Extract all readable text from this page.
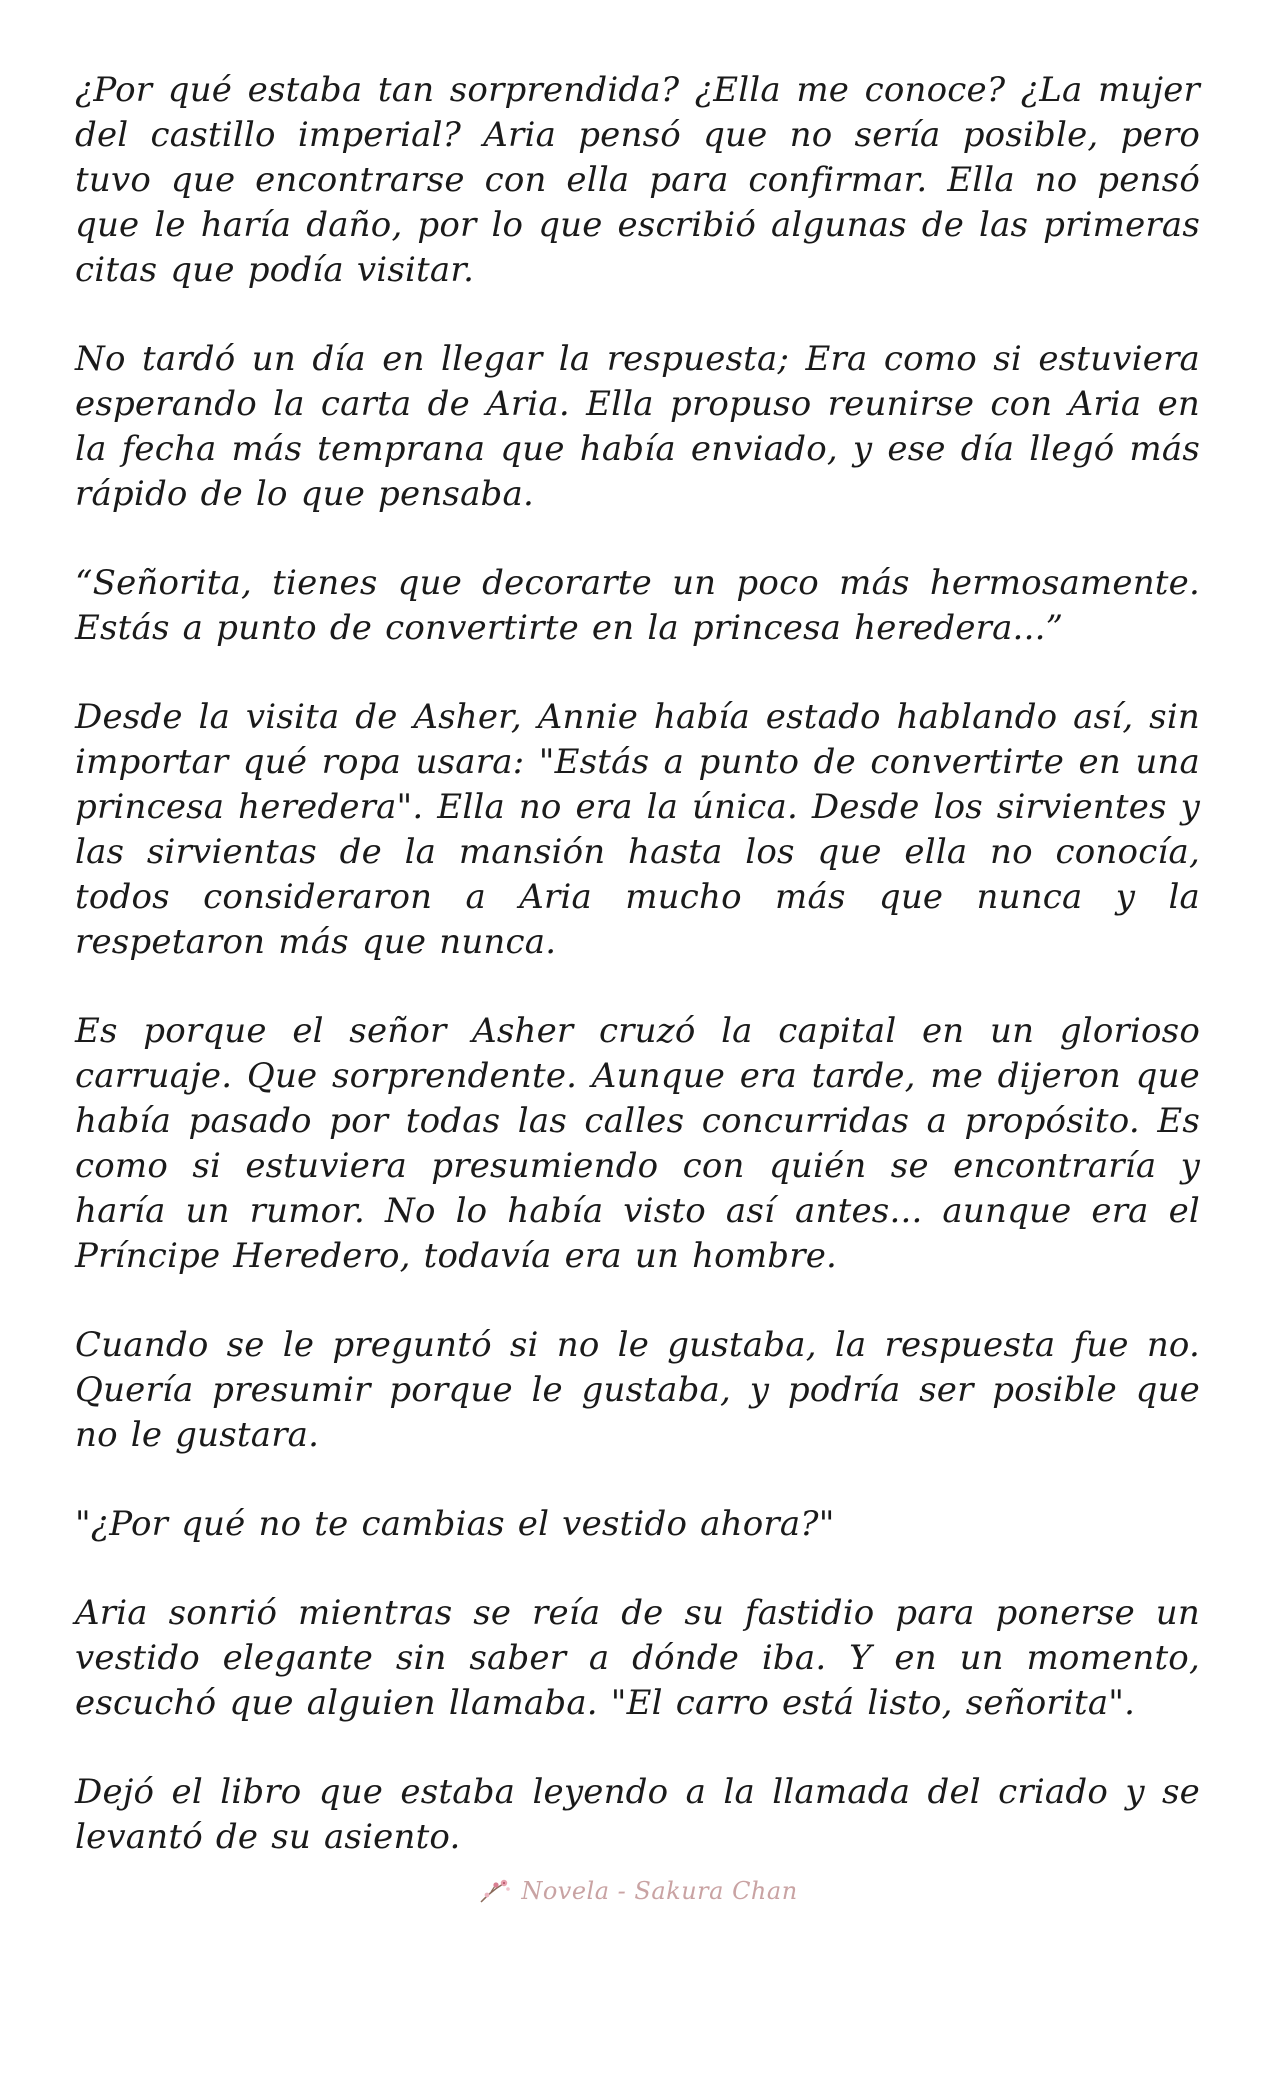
¿Por qué estaba tan sorprendida? ¿Ella me conoce? ¿La mujer del castillo imperial? Aria pensó que no sería posible, pero tuvo que encontrarse con ella para confirmar. Ella no pensó que le haría daño, por lo que escribió algunas de las primeras citas que podía visitar.

No tardó un día en llegar la respuesta; Era como si estuviera esperando la carta de Aria. Ella propuso reunirse con Aria en la fecha más temprana que había enviado, y ese día llegó más rápido de lo que pensaba.

“Señorita, tienes que decorarte un poco más hermosamente. Estás a punto de convertirte en la princesa heredera...”

Desde la visita de Asher, Annie había estado hablando así, sin importar qué ropa usara: "Estás a punto de convertirte en una princesa heredera". Ella no era la única. Desde los sirvientes y las sirvientas de la mansión hasta los que ella no conocía, todos consideraron a Aria mucho más que nunca y la respetaron más que nunca.

Es porque el señor Asher cruzó la capital en un glorioso carruaje. Que sorprendente. Aunque era tarde, me dijeron que había pasado por todas las calles concurridas a propósito. Es como si estuviera presumiendo con quién se encontraría y haría un rumor. No lo había visto así antes... aunque era el Príncipe Heredero, todavía era un hombre.

Cuando se le preguntó si no le gustaba, la respuesta fue no. Quería presumir porque le gustaba, y podría ser posible que no le gustara.

"¿Por qué no te cambias el vestido ahora?"

Aria sonrió mientras se reía de su fastidio para ponerse un vestido elegante sin saber a dónde iba. Y en un momento, escuchó que alguien llamaba. "El carro está listo, señorita".

Dejó el libro que estaba leyendo a la llamada del criado y se levantó de su asiento.

Novela - Sakura Chan
